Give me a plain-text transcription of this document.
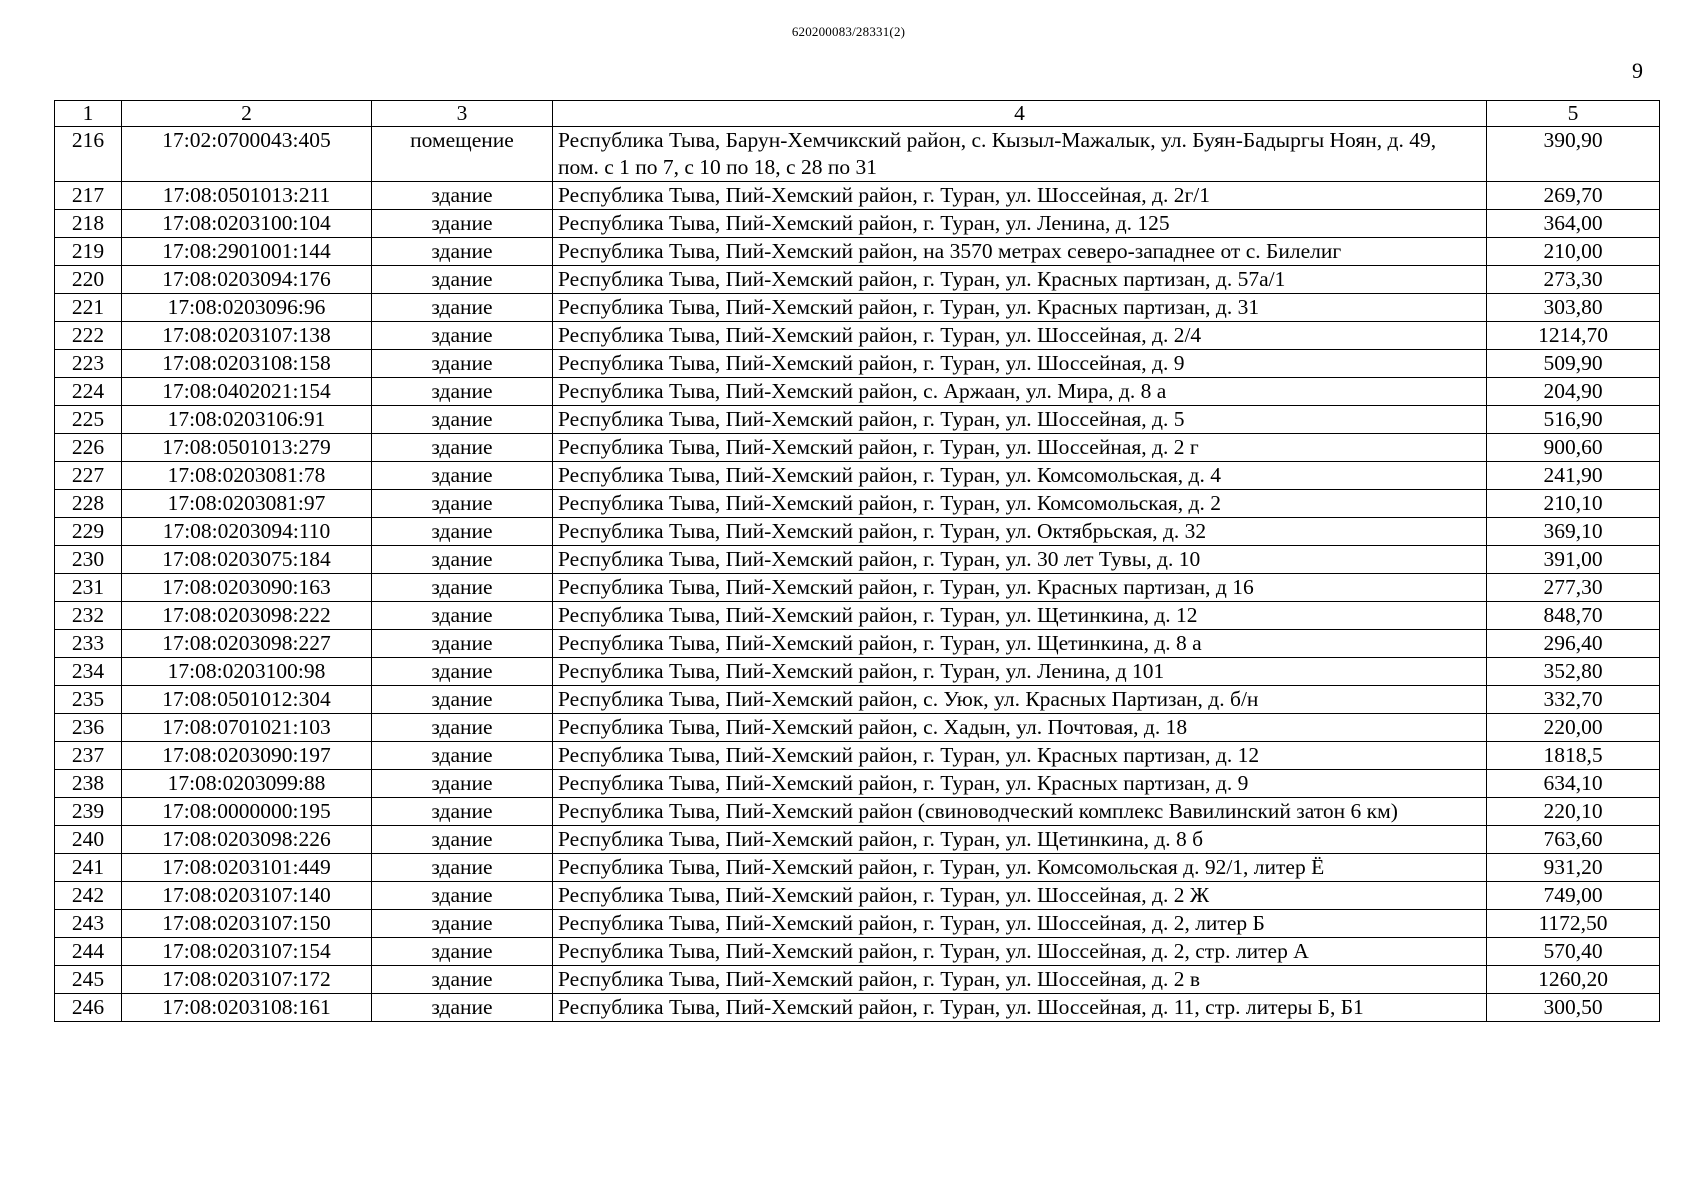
620200083/28331(2)
9
1	2	3	4	5
216	17:02:0700043:405	помещение	Республика Тыва, Барун-Хемчикский район, с. Кызыл-Мажалык, ул. Буян-Бадыргы Ноян, д. 49, пом. с 1 по 7, с 10 по 18, с 28 по 31	390,90
217	17:08:0501013:211	здание	Республика Тыва, Пий-Хемский район, г. Туран, ул. Шоссейная, д. 2г/1	269,70
218	17:08:0203100:104	здание	Республика Тыва, Пий-Хемский район, г. Туран, ул. Ленина, д. 125	364,00
219	17:08:2901001:144	здание	Республика Тыва, Пий-Хемский район, на 3570 метрах северо-западнее от с. Билелиг	210,00
220	17:08:0203094:176	здание	Республика Тыва, Пий-Хемский район, г. Туран, ул. Красных партизан, д. 57а/1	273,30
221	17:08:0203096:96	здание	Республика Тыва, Пий-Хемский район, г. Туран, ул. Красных партизан, д. 31	303,80
222	17:08:0203107:138	здание	Республика Тыва, Пий-Хемский район, г. Туран, ул. Шоссейная, д. 2/4	1214,70
223	17:08:0203108:158	здание	Республика Тыва, Пий-Хемский район, г. Туран, ул. Шоссейная, д. 9	509,90
224	17:08:0402021:154	здание	Республика Тыва, Пий-Хемский район, с. Аржаан, ул. Мира, д. 8 а	204,90
225	17:08:0203106:91	здание	Республика Тыва, Пий-Хемский район, г. Туран, ул. Шоссейная, д. 5	516,90
226	17:08:0501013:279	здание	Республика Тыва, Пий-Хемский район, г. Туран, ул. Шоссейная, д. 2 г	900,60
227	17:08:0203081:78	здание	Республика Тыва, Пий-Хемский район, г. Туран, ул. Комсомольская, д. 4	241,90
228	17:08:0203081:97	здание	Республика Тыва, Пий-Хемский район, г. Туран, ул. Комсомольская, д. 2	210,10
229	17:08:0203094:110	здание	Республика Тыва, Пий-Хемский район, г. Туран, ул. Октябрьская, д. 32	369,10
230	17:08:0203075:184	здание	Республика Тыва, Пий-Хемский район, г. Туран, ул. 30 лет Тувы, д. 10	391,00
231	17:08:0203090:163	здание	Республика Тыва, Пий-Хемский район, г. Туран, ул. Красных партизан, д 16	277,30
232	17:08:0203098:222	здание	Республика Тыва, Пий-Хемский район, г. Туран, ул. Щетинкина, д. 12	848,70
233	17:08:0203098:227	здание	Республика Тыва, Пий-Хемский район, г. Туран, ул. Щетинкина, д. 8 а	296,40
234	17:08:0203100:98	здание	Республика Тыва, Пий-Хемский район, г. Туран, ул. Ленина, д 101	352,80
235	17:08:0501012:304	здание	Республика Тыва, Пий-Хемский район, с. Уюк, ул. Красных Партизан, д. б/н	332,70
236	17:08:0701021:103	здание	Республика Тыва, Пий-Хемский район, с. Хадын, ул. Почтовая, д. 18	220,00
237	17:08:0203090:197	здание	Республика Тыва, Пий-Хемский район, г. Туран, ул. Красных партизан, д. 12	1818,5
238	17:08:0203099:88	здание	Республика Тыва, Пий-Хемский район, г. Туран, ул. Красных партизан, д. 9	634,10
239	17:08:0000000:195	здание	Республика Тыва, Пий-Хемский район (свиноводческий комплекс Вавилинский затон 6 км)	220,10
240	17:08:0203098:226	здание	Республика Тыва, Пий-Хемский район, г. Туран, ул. Щетинкина, д. 8 б	763,60
241	17:08:0203101:449	здание	Республика Тыва, Пий-Хемский район, г. Туран, ул. Комсомольская д. 92/1, литер Ё	931,20
242	17:08:0203107:140	здание	Республика Тыва, Пий-Хемский район, г. Туран, ул. Шоссейная, д. 2 Ж	749,00
243	17:08:0203107:150	здание	Республика Тыва, Пий-Хемский район, г. Туран, ул. Шоссейная, д. 2, литер Б	1172,50
244	17:08:0203107:154	здание	Республика Тыва, Пий-Хемский район, г. Туран, ул. Шоссейная, д. 2, стр. литер А	570,40
245	17:08:0203107:172	здание	Республика Тыва, Пий-Хемский район, г. Туран, ул. Шоссейная, д. 2 в	1260,20
246	17:08:0203108:161	здание	Республика Тыва, Пий-Хемский район, г. Туран, ул. Шоссейная, д. 11, стр. литеры Б, Б1	300,50
